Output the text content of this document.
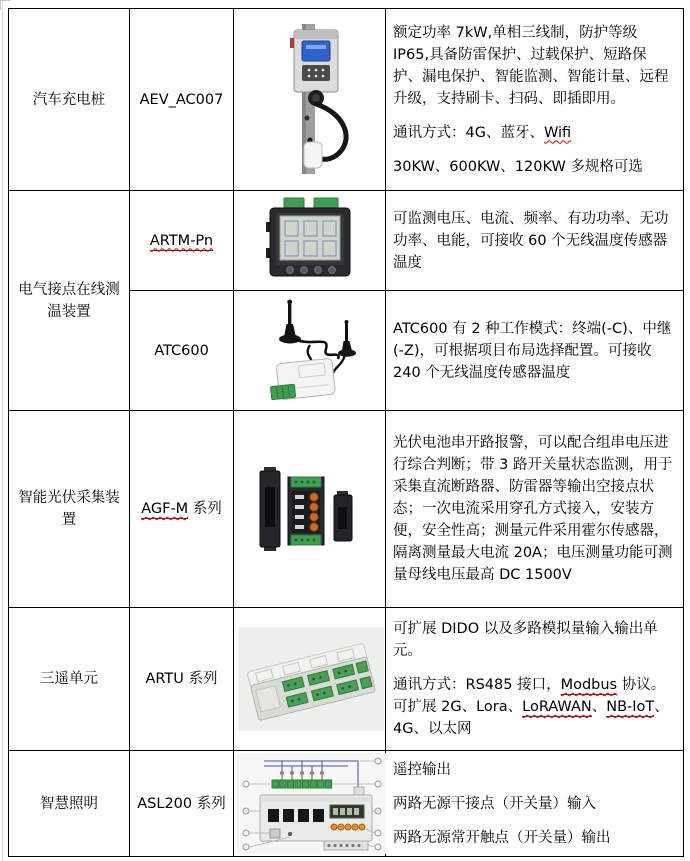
汽车充电桩	AEV_AC007		额定功率 7kW,单相三线制，防护等级 IP65,具备防雷保护、过载保护、短路保护、漏电保护、智能监测、智能计量、远程升级，支持刷卡、扫码、即插即用。

通讯方式：4G、蓝牙、Wifi

30KW、600KW、120KW 多规格可选

电气接点在线测温装置	ARTM-Pn		可监测电压、电流、频率、有功功率、无功功率、电能，可接收 60 个无线温度传感器温度

	ATC600		ATC600 有 2 种工作模式：终端(-C)、中继(-Z)，可根据项目布局选择配置。可接收 240 个无线温度传感器温度

智能光伏采集装置	AGF-M 系列		光伏电池串开路报警，可以配合组串电压进行综合判断；带 3 路开关量状态监测，用于采集直流断路器、防雷器等输出空接点状态；一次电流采用穿孔方式接入，安装方便，安全性高；测量元件采用霍尔传感器，隔离测量最大电流 20A；电压测量功能可测量母线电压最高 DC 1500V

三遥单元	ARTU 系列		可扩展 DIDO 以及多路模拟量输入输出单元。

通讯方式：RS485 接口，Modbus 协议。可扩展 2G、Lora、LoRAWAN、NB-IoT、4G、以太网

智慧照明	ASL200 系列		遥控输出

两路无源干接点（开关量）输入

两路无源常开触点（开关量）输出
